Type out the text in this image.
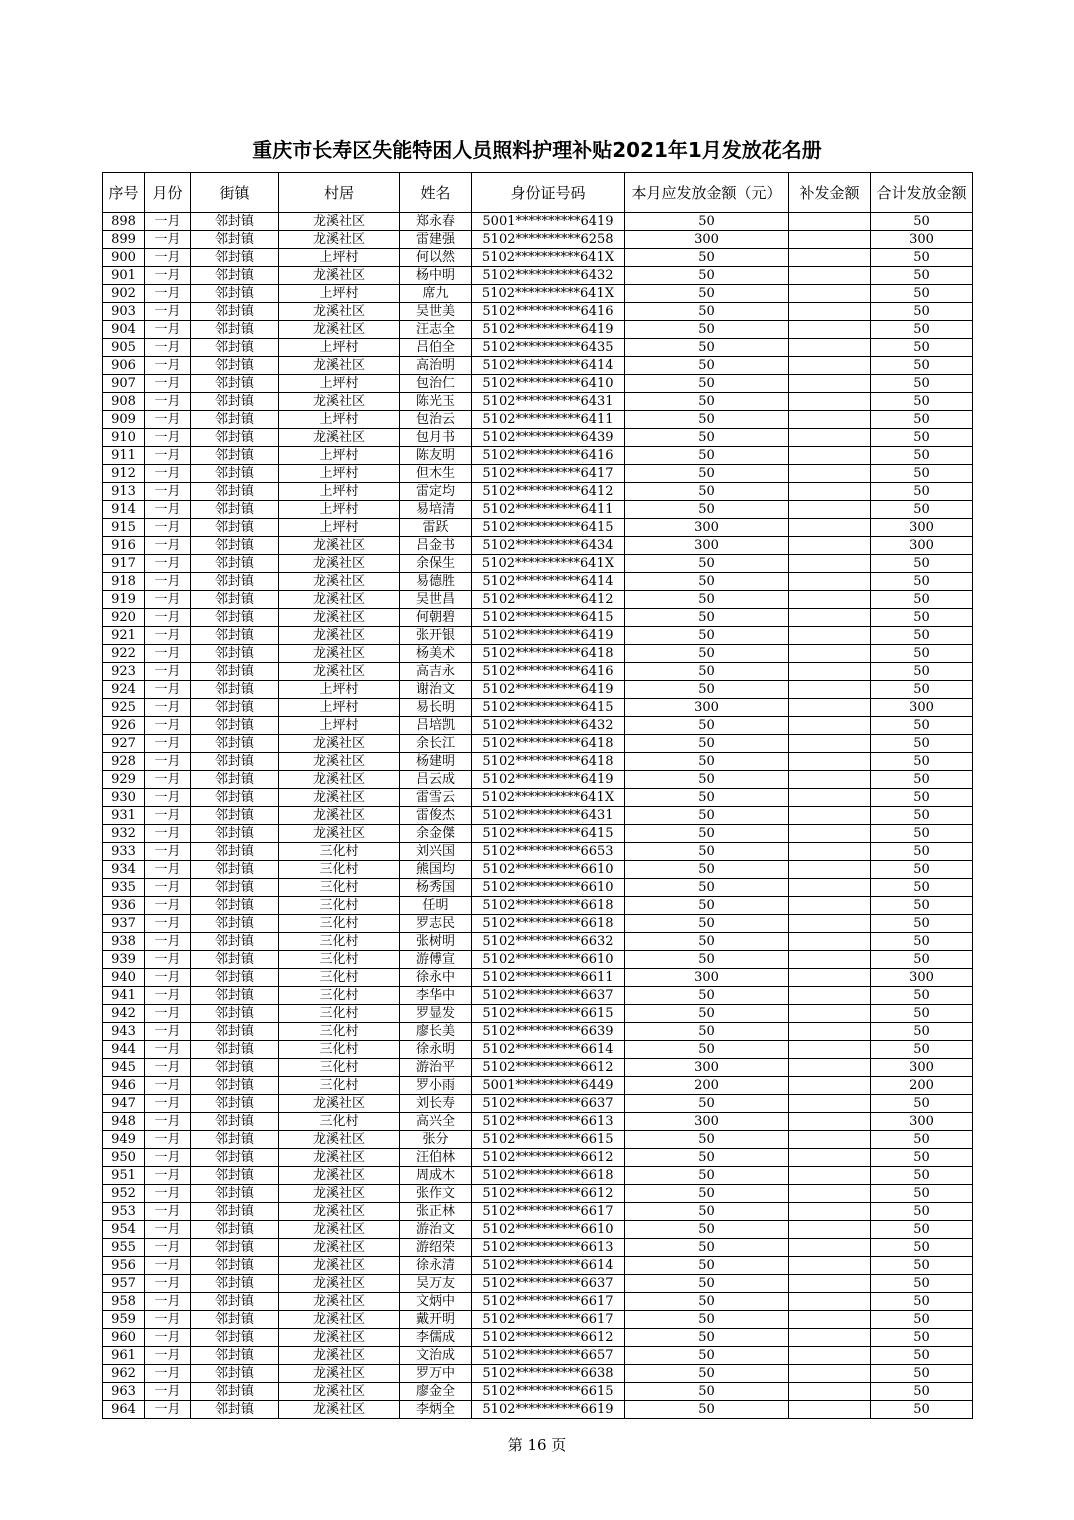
重庆市长寿区失能特困人员照料护理补贴2021年1月发放花名册
序号	月份	街镇	村居	姓名	身份证号码	本月应发放金额（元）	补发金额	合计发放金额
898	一月	邻封镇	龙溪社区	郑永春	5001**********6419	50		50
899	一月	邻封镇	龙溪社区	雷建强	5102**********6258	300		300
900	一月	邻封镇	上坪村	何以然	5102**********641X	50		50
901	一月	邻封镇	龙溪社区	杨中明	5102**********6432	50		50
902	一月	邻封镇	上坪村	席九	5102**********641X	50		50
903	一月	邻封镇	龙溪社区	吴世美	5102**********6416	50		50
904	一月	邻封镇	龙溪社区	汪志全	5102**********6419	50		50
905	一月	邻封镇	上坪村	吕伯全	5102**********6435	50		50
906	一月	邻封镇	龙溪社区	高治明	5102**********6414	50		50
907	一月	邻封镇	上坪村	包治仁	5102**********6410	50		50
908	一月	邻封镇	龙溪社区	陈光玉	5102**********6431	50		50
909	一月	邻封镇	上坪村	包治云	5102**********6411	50		50
910	一月	邻封镇	龙溪社区	包月书	5102**********6439	50		50
911	一月	邻封镇	上坪村	陈友明	5102**********6416	50		50
912	一月	邻封镇	上坪村	但木生	5102**********6417	50		50
913	一月	邻封镇	上坪村	雷定均	5102**********6412	50		50
914	一月	邻封镇	上坪村	易培清	5102**********6411	50		50
915	一月	邻封镇	上坪村	雷跃	5102**********6415	300		300
916	一月	邻封镇	龙溪社区	吕金书	5102**********6434	300		300
917	一月	邻封镇	龙溪社区	余保生	5102**********641X	50		50
918	一月	邻封镇	龙溪社区	易德胜	5102**********6414	50		50
919	一月	邻封镇	龙溪社区	吴世昌	5102**********6412	50		50
920	一月	邻封镇	龙溪社区	何朝碧	5102**********6415	50		50
921	一月	邻封镇	龙溪社区	张开银	5102**********6419	50		50
922	一月	邻封镇	龙溪社区	杨美术	5102**********6418	50		50
923	一月	邻封镇	龙溪社区	高吉永	5102**********6416	50		50
924	一月	邻封镇	上坪村	谢治文	5102**********6419	50		50
925	一月	邻封镇	上坪村	易长明	5102**********6415	300		300
926	一月	邻封镇	上坪村	吕培凯	5102**********6432	50		50
927	一月	邻封镇	龙溪社区	余长江	5102**********6418	50		50
928	一月	邻封镇	龙溪社区	杨建明	5102**********6418	50		50
929	一月	邻封镇	龙溪社区	吕云成	5102**********6419	50		50
930	一月	邻封镇	龙溪社区	雷雪云	5102**********641X	50		50
931	一月	邻封镇	龙溪社区	雷俊杰	5102**********6431	50		50
932	一月	邻封镇	龙溪社区	余金傑	5102**********6415	50		50
933	一月	邻封镇	三化村	刘兴国	5102**********6653	50		50
934	一月	邻封镇	三化村	熊国均	5102**********6610	50		50
935	一月	邻封镇	三化村	杨秀国	5102**********6610	50		50
936	一月	邻封镇	三化村	任明	5102**********6618	50		50
937	一月	邻封镇	三化村	罗志民	5102**********6618	50		50
938	一月	邻封镇	三化村	张树明	5102**********6632	50		50
939	一月	邻封镇	三化村	游傅宣	5102**********6610	50		50
940	一月	邻封镇	三化村	徐永中	5102**********6611	300		300
941	一月	邻封镇	三化村	李华中	5102**********6637	50		50
942	一月	邻封镇	三化村	罗显发	5102**********6615	50		50
943	一月	邻封镇	三化村	廖长美	5102**********6639	50		50
944	一月	邻封镇	三化村	徐永明	5102**********6614	50		50
945	一月	邻封镇	三化村	游治平	5102**********6612	300		300
946	一月	邻封镇	三化村	罗小雨	5001**********6449	200		200
947	一月	邻封镇	龙溪社区	刘长寿	5102**********6637	50		50
948	一月	邻封镇	三化村	高兴全	5102**********6613	300		300
949	一月	邻封镇	龙溪社区	张分	5102**********6615	50		50
950	一月	邻封镇	龙溪社区	汪伯林	5102**********6612	50		50
951	一月	邻封镇	龙溪社区	周成木	5102**********6618	50		50
952	一月	邻封镇	龙溪社区	张作文	5102**********6612	50		50
953	一月	邻封镇	龙溪社区	张正林	5102**********6617	50		50
954	一月	邻封镇	龙溪社区	游治文	5102**********6610	50		50
955	一月	邻封镇	龙溪社区	游绍荣	5102**********6613	50		50
956	一月	邻封镇	龙溪社区	徐永清	5102**********6614	50		50
957	一月	邻封镇	龙溪社区	吴万友	5102**********6637	50		50
958	一月	邻封镇	龙溪社区	文炳中	5102**********6617	50		50
959	一月	邻封镇	龙溪社区	戴开明	5102**********6617	50		50
960	一月	邻封镇	龙溪社区	李儒成	5102**********6612	50		50
961	一月	邻封镇	龙溪社区	文治成	5102**********6657	50		50
962	一月	邻封镇	龙溪社区	罗万中	5102**********6638	50		50
963	一月	邻封镇	龙溪社区	廖金全	5102**********6615	50		50
964	一月	邻封镇	龙溪社区	李炳全	5102**********6619	50		50
第 16 页
